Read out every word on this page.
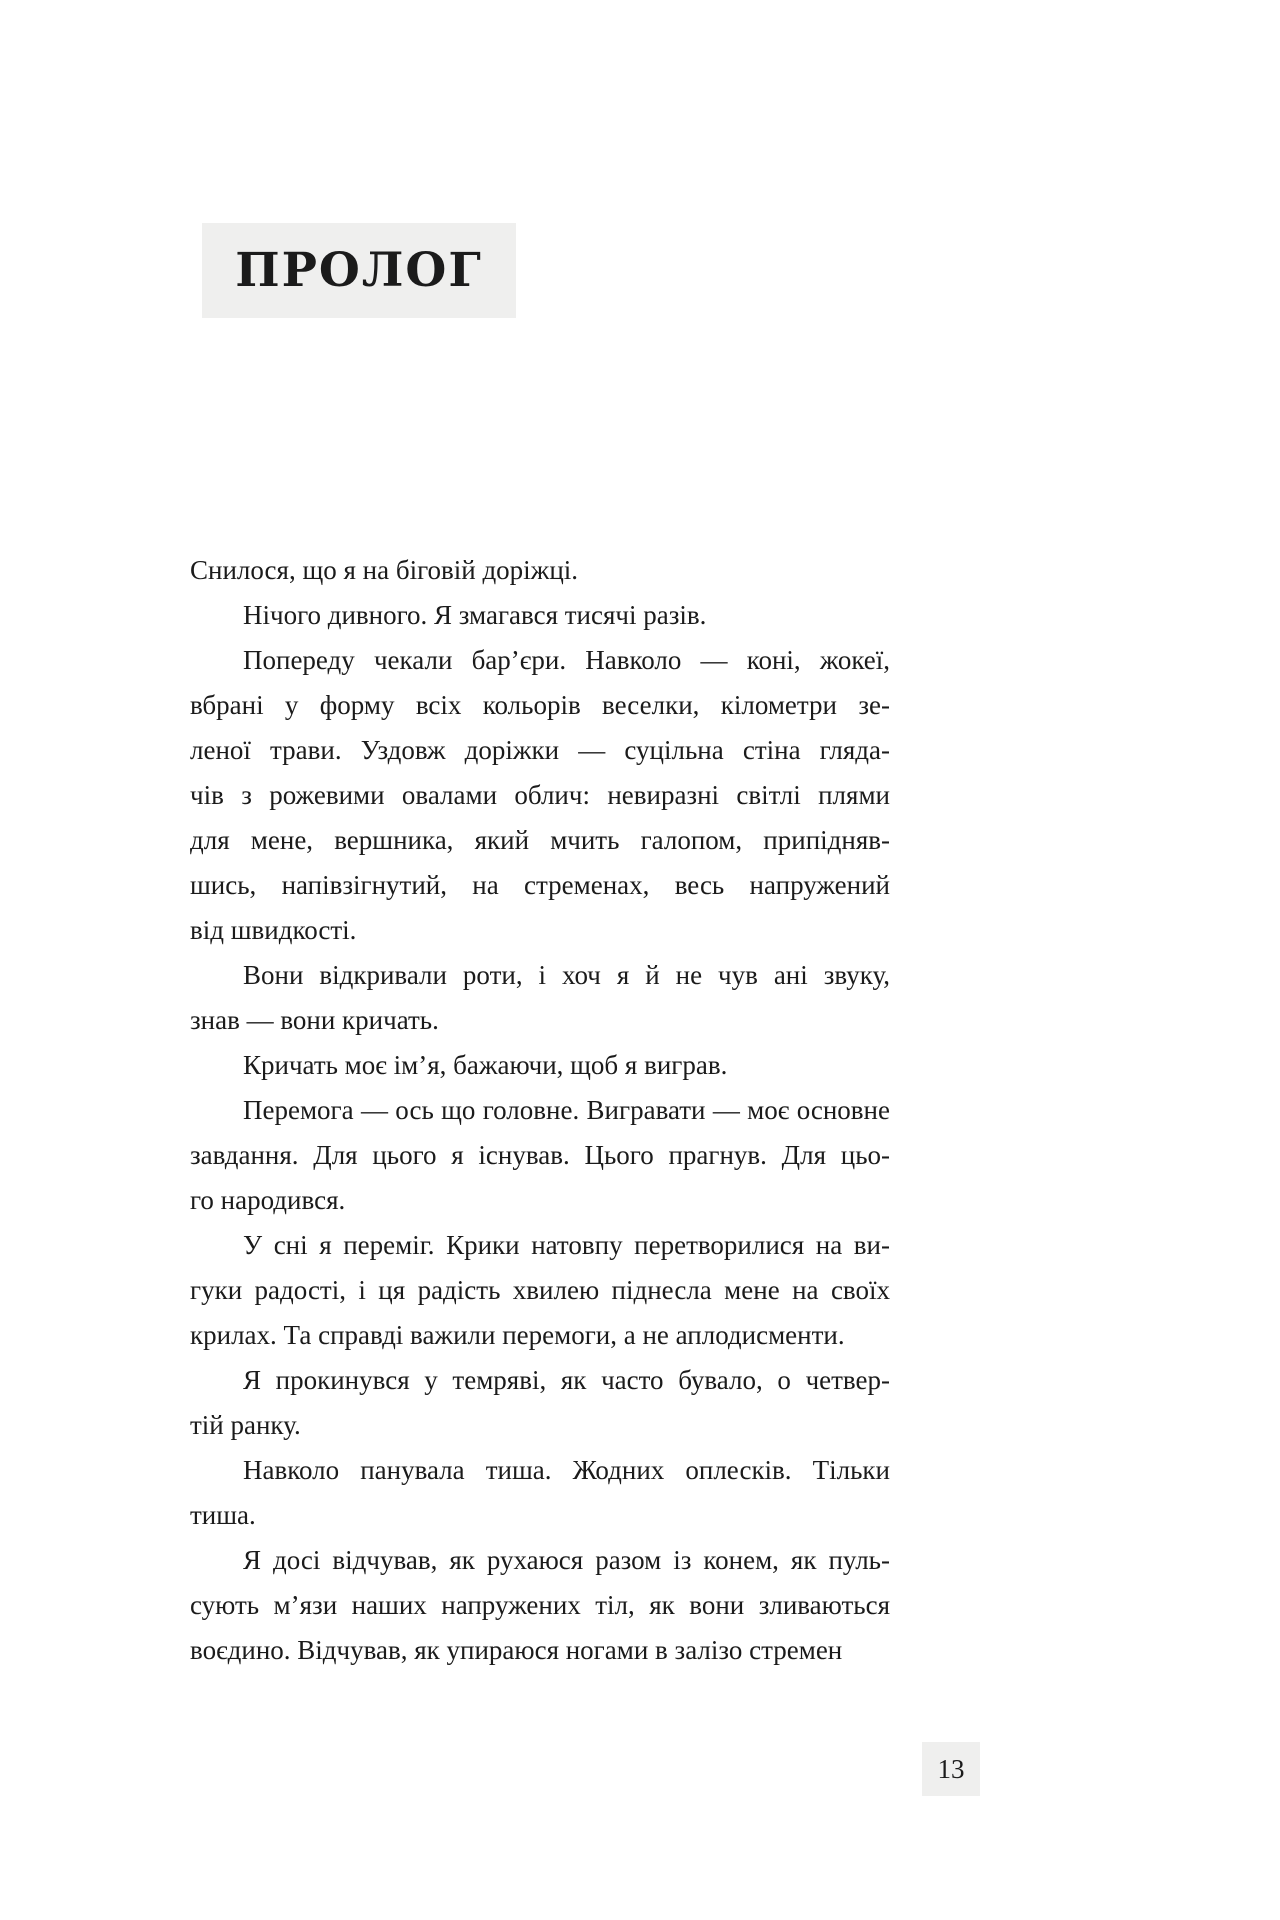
ПРОЛОГ

Снилося, що я на біговій доріжці.

Нічого дивного. Я змагався тисячі разів.

Попереду чекали бар’єри. Навколо — коні, жокеї,
вбрані у форму всіх кольорів веселки, кілометри зе-
леної трави. Уздовж доріжки — суцільна стіна гляда-
чів з рожевими овалами облич: невиразні світлі плями
для мене, вершника, який мчить галопом, припідняв-
шись, напівзігнутий, на стременах, весь напружений
від швидкості.

Вони відкривали роти, і хоч я й не чув ані звуку,
знав — вони кричать.

Кричать моє ім’я, бажаючи, щоб я виграв.

Перемога — ось що головне. Вигравати — моє основне
завдання. Для цього я існував. Цього прагнув. Для цьо-
го народився.

У сні я переміг. Крики натовпу перетворилися на ви-
гуки радості, і ця радість хвилею піднесла мене на своїх
крилах. Та справді важили перемоги, а не аплодисменти.

Я прокинувся у темряві, як часто бувало, о четвер-
тій ранку.

Навколо панувала тиша. Жодних оплесків. Тільки
тиша.

Я досі відчував, як рухаюся разом із конем, як пуль-
сують м’язи наших напружених тіл, як вони зливаються
воєдино. Відчував, як упираюся ногами в залізо стремен

13
